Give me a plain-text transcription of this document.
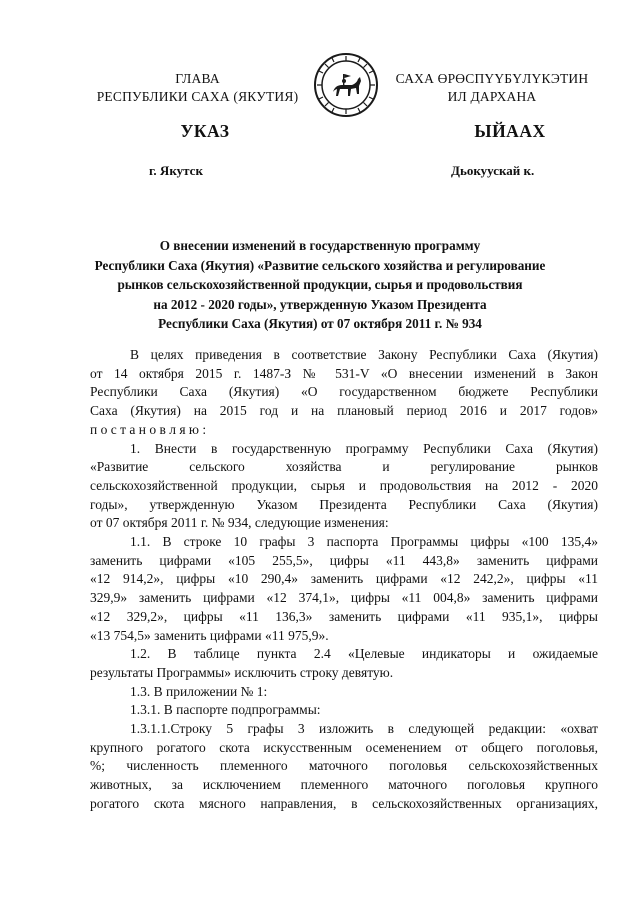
ГЛАВА
РЕСПУБЛИКИ САХА (ЯКУТИЯ)
САХА ӨРӨСПҮҮБҮЛҮКЭТИН
ИЛ ДАРХАНА
УКАЗ	ЫЙААХ
г. Якутск	Дьокуускай к.
О внесении изменений в государственную программу
Республики Саха (Якутия) «Развитие сельского хозяйства и регулирование
рынков сельскохозяйственной продукции, сырья и продовольствия
на 2012 - 2020 годы», утвержденную Указом Президента
Республики Саха (Якутия) от 07 октября 2011 г. № 934
В целях приведения в соответствие Закону Республики Саха (Якутия)
от 14 октября 2015 г. 1487-З № 531-V «О внесении изменений в Закон
Республики Саха (Якутия) «О государственном бюджете Республики
Саха (Якутия) на 2015 год и на плановый период 2016 и 2017 годов»
п о с т а н о в л я ю :
1. Внести в государственную программу Республики Саха (Якутия)
«Развитие сельского хозяйства и регулирование рынков
сельскохозяйственной продукции, сырья и продовольствия на 2012 - 2020
годы», утвержденную Указом Президента Республики Саха (Якутия)
от 07 октября 2011 г. № 934, следующие изменения:
1.1. В строке 10 графы 3 паспорта Программы цифры «100 135,4»
заменить цифрами «105 255,5», цифры «11 443,8» заменить цифрами
«12 914,2», цифры «10 290,4» заменить цифрами «12 242,2», цифры «11
329,9» заменить цифрами «12 374,1», цифры «11 004,8» заменить цифрами
«12 329,2», цифры «11 136,3» заменить цифрами «11 935,1», цифры
«13 754,5» заменить цифрами «11 975,9».
1.2. В таблице пункта 2.4 «Целевые индикаторы и ожидаемые
результаты Программы» исключить строку девятую.
1.3. В приложении № 1:
1.3.1. В паспорте подпрограммы:
1.3.1.1.Строку 5 графы 3 изложить в следующей редакции: «охват
крупного рогатого скота искусственным осеменением от общего поголовья,
%; численность племенного маточного поголовья сельскохозяйственных
животных, за исключением племенного маточного поголовья крупного
рогатого скота мясного направления, в сельскохозяйственных организациях,
